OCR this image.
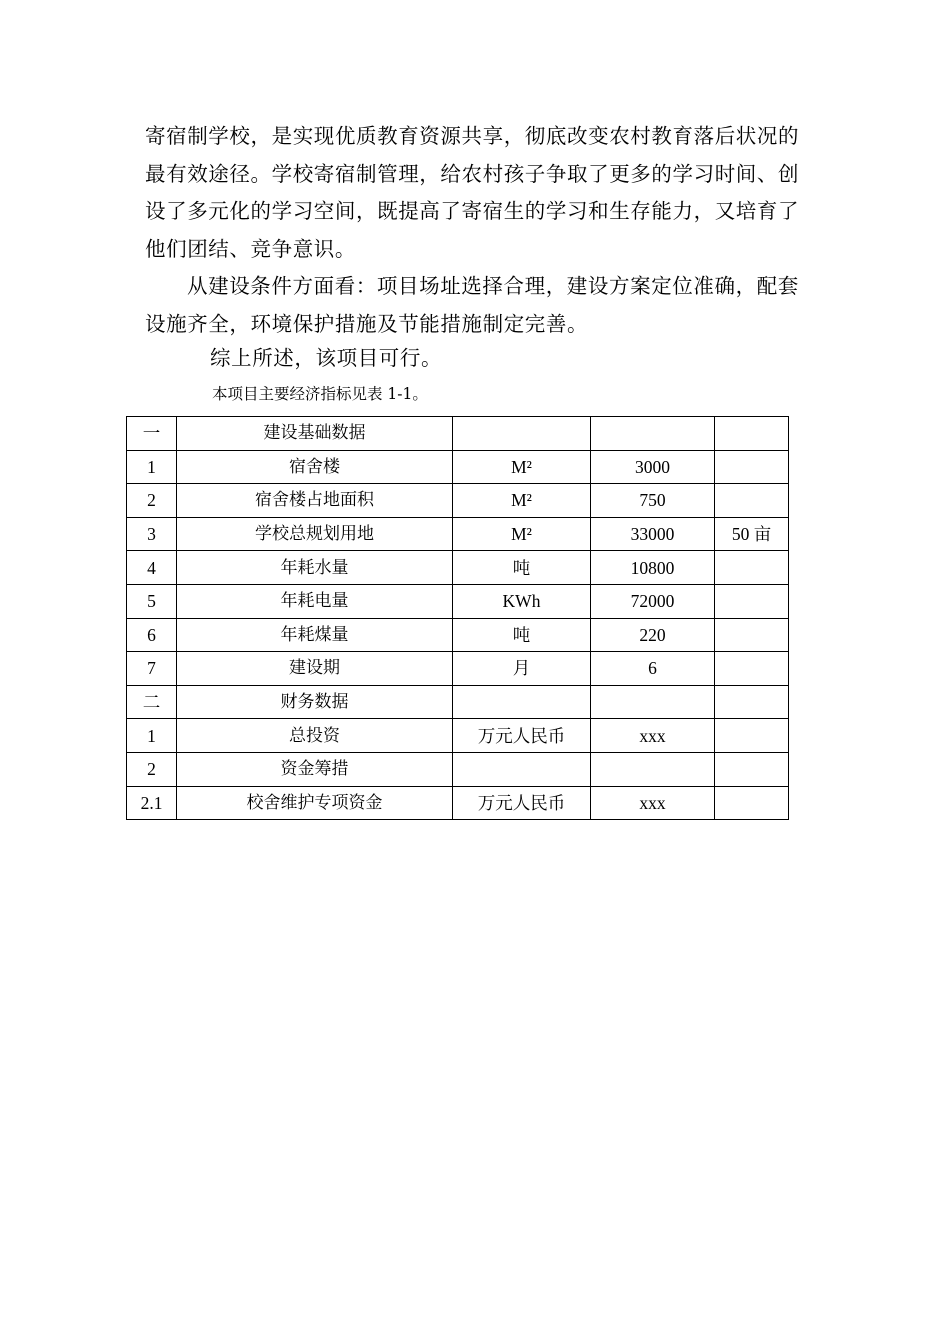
寄宿制学校，是实现优质教育资源共享，彻底改变农村教育落后状况的最有效途径。学校寄宿制管理，给农村孩子争取了更多的学习时间、创设了多元化的学习空间，既提高了寄宿生的学习和生存能力，又培育了他们团结、竞争意识。

从建设条件方面看：项目场址选择合理，建设方案定位准确，配套设施齐全，环境保护措施及节能措施制定完善。

综上所述，该项目可行。
本项目主要经济指标见表 1-1。
一	建设基础数据			
1	宿舍楼	M²	3000	
2	宿舍楼占地面积	M²	750	
3	学校总规划用地	M²	33000	50 亩
4	年耗水量	吨	10800	
5	年耗电量	KWh	72000	
6	年耗煤量	吨	220	
7	建设期	月	6	
二	财务数据			
1	总投资	万元人民币	xxx	
2	资金筹措			
2.1	校舍维护专项资金	万元人民币	xxx	
